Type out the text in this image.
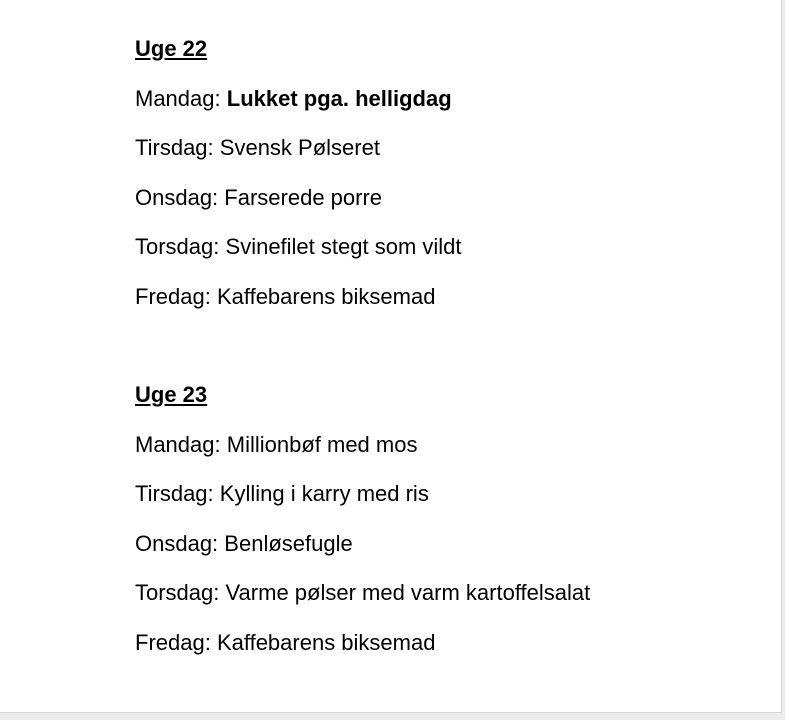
Uge 22
Mandag: Lukket pga. helligdag
Tirsdag: Svensk Pølseret
Onsdag: Farserede porre
Torsdag: Svinefilet stegt som vildt
Fredag: Kaffebarens biksemad
Uge 23
Mandag: Millionbøf med mos
Tirsdag: Kylling i karry med ris
Onsdag: Benløsefugle
Torsdag: Varme pølser med varm kartoffelsalat
Fredag: Kaffebarens biksemad
